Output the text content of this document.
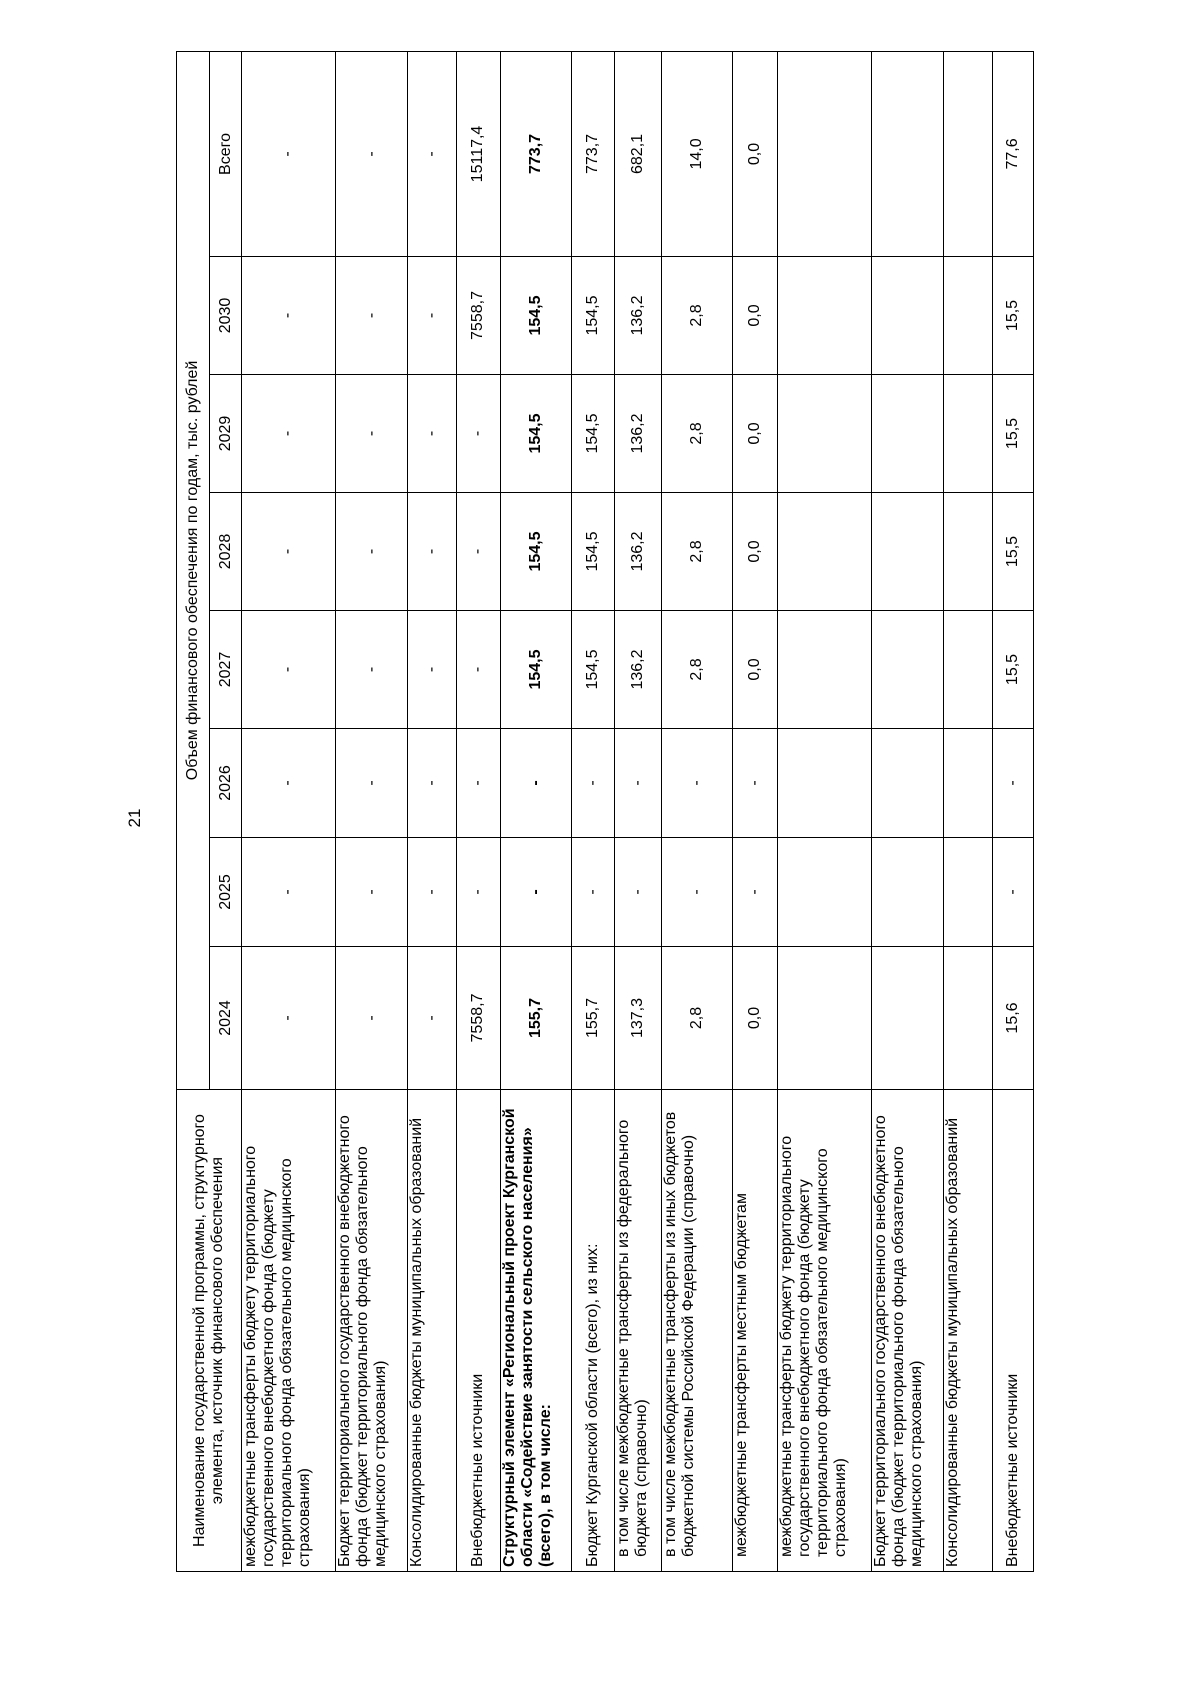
21
Наименование государственной программы, структурного элемента, источник финансового обеспечения	Объем финансового обеспечения по годам, тыс. рублей							
	2024	2025	2026	2027	2028	2029	2030	Всего
межбюджетные трансферты бюджету территориального государственного внебюджетного фонда (бюджету территориального фонда обязательного медицинского страхования)	-	-	-	-	-	-	-	-
Бюджет территориального государственного внебюджетного фонда (бюджет территориального фонда обязательного медицинского страхования)	-	-	-	-	-	-	-	-
Консолидированные бюджеты муниципальных образований	-	-	-	-	-	-	-	-
Внебюджетные источники	7558,7	-	-	-	-	-	7558,7	15117,4
Структурный элемент «Региональный проект Курганской области «Содействие занятости сельского населения» (всего), в том числе:	155,7	-	-	154,5	154,5	154,5	154,5	773,7
Бюджет Курганской области (всего), из них:	155,7	-	-	154,5	154,5	154,5	154,5	773,7
в том числе межбюджетные трансферты из федерального бюджета (справочно)	137,3	-	-	136,2	136,2	136,2	136,2	682,1
в том числе межбюджетные трансферты из иных бюджетов бюджетной системы Российской Федерации (справочно)	2,8	-	-	2,8	2,8	2,8	2,8	14,0
межбюджетные трансферты местным бюджетам	0,0	-	-	0,0	0,0	0,0	0,0	0,0
межбюджетные трансферты бюджету территориального государственного внебюджетного фонда (бюджету территориального фонда обязательного медицинского страхования)								
Бюджет территориального государственного внебюджетного фонда (бюджет территориального фонда обязательного медицинского страхования)								
Консолидированные бюджеты муниципальных образований								
Внебюджетные источники	15,6	-	-	15,5	15,5	15,5	15,5	77,6
